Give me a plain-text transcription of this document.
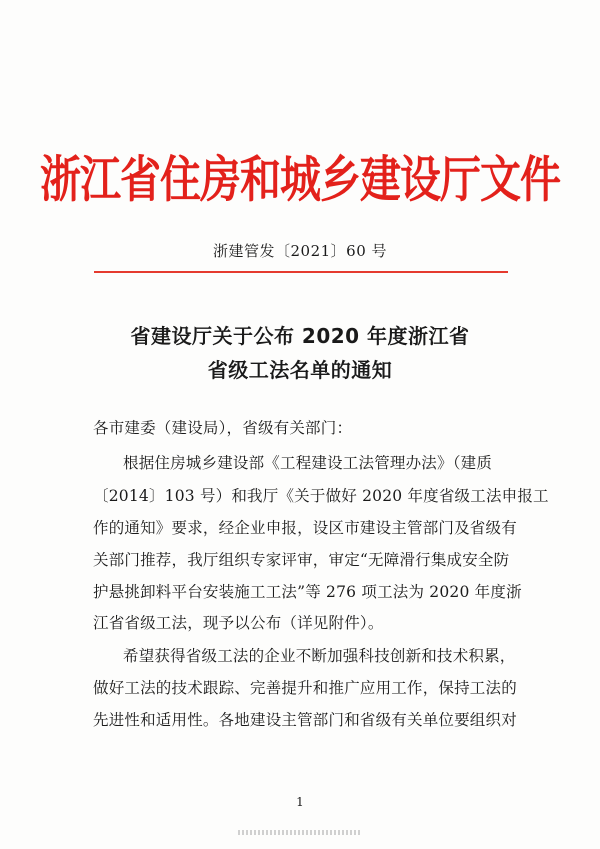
浙江省住房和城乡建设厅文件
浙建管发〔2021〕60 号
省建设厅关于公布 2020 年度浙江省
省级工法名单的通知
各市建委（建设局），省级有关部门：
根据住房城乡建设部《工程建设工法管理办法》（建质
〔2014〕103 号）和我厅《关于做好 2020 年度省级工法申报工
作的通知》要求，经企业申报，设区市建设主管部门及省级有
关部门推荐，我厅组织专家评审，审定“无障滑行集成安全防
护悬挑卸料平台安装施工工法”等 276 项工法为 2020 年度浙
江省省级工法，现予以公布（详见附件）。
希望获得省级工法的企业不断加强科技创新和技术积累，
做好工法的技术跟踪、完善提升和推广应用工作，保持工法的
先进性和适用性。各地建设主管部门和省级有关单位要组织对
1
